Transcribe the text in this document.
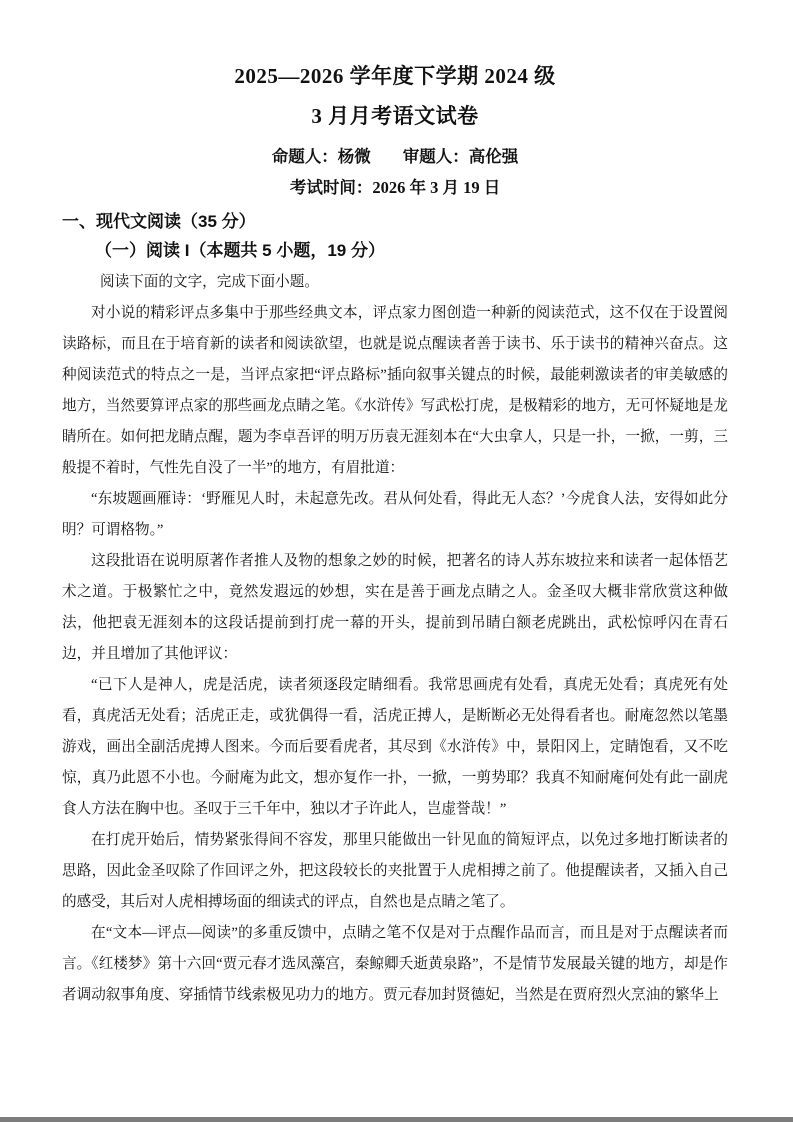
2025—2026 学年度下学期 2024 级
3 月月考语文试卷
命题人：杨微 审题人：高伦强
考试时间：2026 年 3 月 19 日
一、现代文阅读（35 分）
（一）阅读 I（本题共 5 小题，19 分）

阅读下面的文字，完成下面小题。

对小说的精彩评点多集中于那些经典文本，评点家力图创造一种新的阅读范式，这不仅在于设置阅读路标，而且在于培育新的读者和阅读欲望，也就是说点醒读者善于读书、乐于读书的精神兴奋点。这种阅读范式的特点之一是，当评点家把“评点路标”插向叙事关键点的时候，最能刺激读者的审美敏感的地方，当然要算评点家的那些画龙点睛之笔。《水浒传》写武松打虎，是极精彩的地方，无可怀疑地是龙睛所在。如何把龙睛点醒，题为李卓吾评的明万历袁无涯刻本在“大虫拿人，只是一扑，一掀，一剪，三般提不着时，气性先自没了一半”的地方，有眉批道：

“东坡题画雁诗：‘野雁见人时，未起意先改。君从何处看，得此无人态？’今虎食人法，安得如此分明？可谓格物。”

这段批语在说明原著作者推人及物的想象之妙的时候，把著名的诗人苏东坡拉来和读者一起体悟艺术之道。于极繁忙之中，竟然发遐远的妙想，实在是善于画龙点睛之人。金圣叹大概非常欣赏这种做法，他把袁无涯刻本的这段话提前到打虎一幕的开头，提前到吊睛白额老虎跳出，武松惊呼闪在青石边，并且增加了其他评议：

“已下人是神人，虎是活虎，读者须逐段定睛细看。我常思画虎有处看，真虎无处看；真虎死有处看，真虎活无处看；活虎正走，或犹偶得一看，活虎正搏人，是断断必无处得看者也。耐庵忽然以笔墨游戏，画出全副活虎搏人图来。今而后要看虎者，其尽到《水浒传》中，景阳冈上，定睛饱看，又不吃惊，真乃此恩不小也。今耐庵为此文，想亦复作一扑，一掀，一剪势耶？我真不知耐庵何处有此一副虎食人方法在胸中也。圣叹于三千年中，独以才子许此人，岂虚誉哉！”

在打虎开始后，情势紧张得间不容发，那里只能做出一针见血的简短评点，以免过多地打断读者的思路，因此金圣叹除了作回评之外，把这段较长的夹批置于人虎相搏之前了。他提醒读者，又插入自己的感受，其后对人虎相搏场面的细读式的评点，自然也是点睛之笔了。

在“文本—评点—阅读”的多重反馈中，点睛之笔不仅是对于点醒作品而言，而且是对于点醒读者而言。《红楼梦》第十六回“贾元春才选凤藻宫，秦鲸卿夭逝黄泉路”，不是情节发展最关键的地方，却是作者调动叙事角度、穿插情节线索极见功力的地方。贾元春加封贤德妃，当然是在贾府烈火烹油的繁华上
